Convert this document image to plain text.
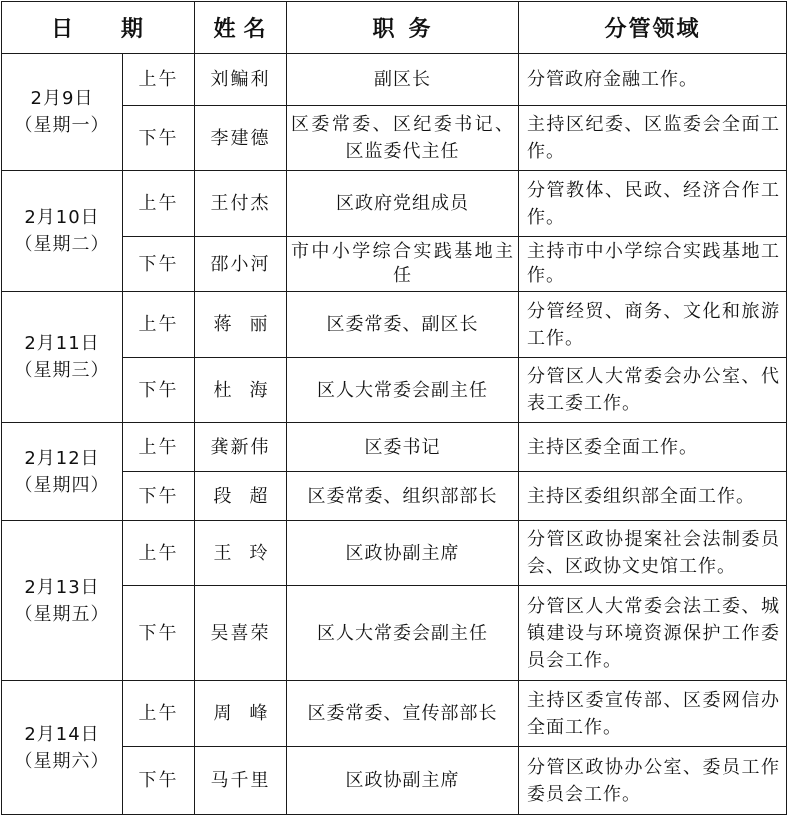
日 期		姓名	职务	分管领域

2月9日
（星期一）	上午	刘鳊利	副区长	分管政府金融工作。
	下午	李建德	区委常委、区纪委书记、区监委代主任	主持区纪委、区监委会全面工作。

2月10日
（星期二）	上午	王付杰	区政府党组成员	分管教体、民政、经济合作工作。
	下午	邵小河	市中小学综合实践基地主任	主持市中小学综合实践基地工作。

2月11日
（星期三）	上午	蒋丽	区委常委、副区长	分管经贸、商务、文化和旅游工作。
	下午	杜海	区人大常委会副主任	分管区人大常委会办公室、代表工委工作。

2月12日
（星期四）	上午	龚新伟	区委书记	主持区委全面工作。
	下午	段超	区委常委、组织部部长	主持区委组织部全面工作。

2月13日
（星期五）	上午	王玲	区政协副主席	分管区政协提案社会法制委员会、区政协文史馆工作。
	下午	吴喜荣	区人大常委会副主任	分管区人大常委会法工委、城镇建设与环境资源保护工作委员会工作。

2月14日
（星期六）	上午	周峰	区委常委、宣传部部长	主持区委宣传部、区委网信办全面工作。
	下午	马千里	区政协副主席	分管区政协办公室、委员工作委员会工作。
